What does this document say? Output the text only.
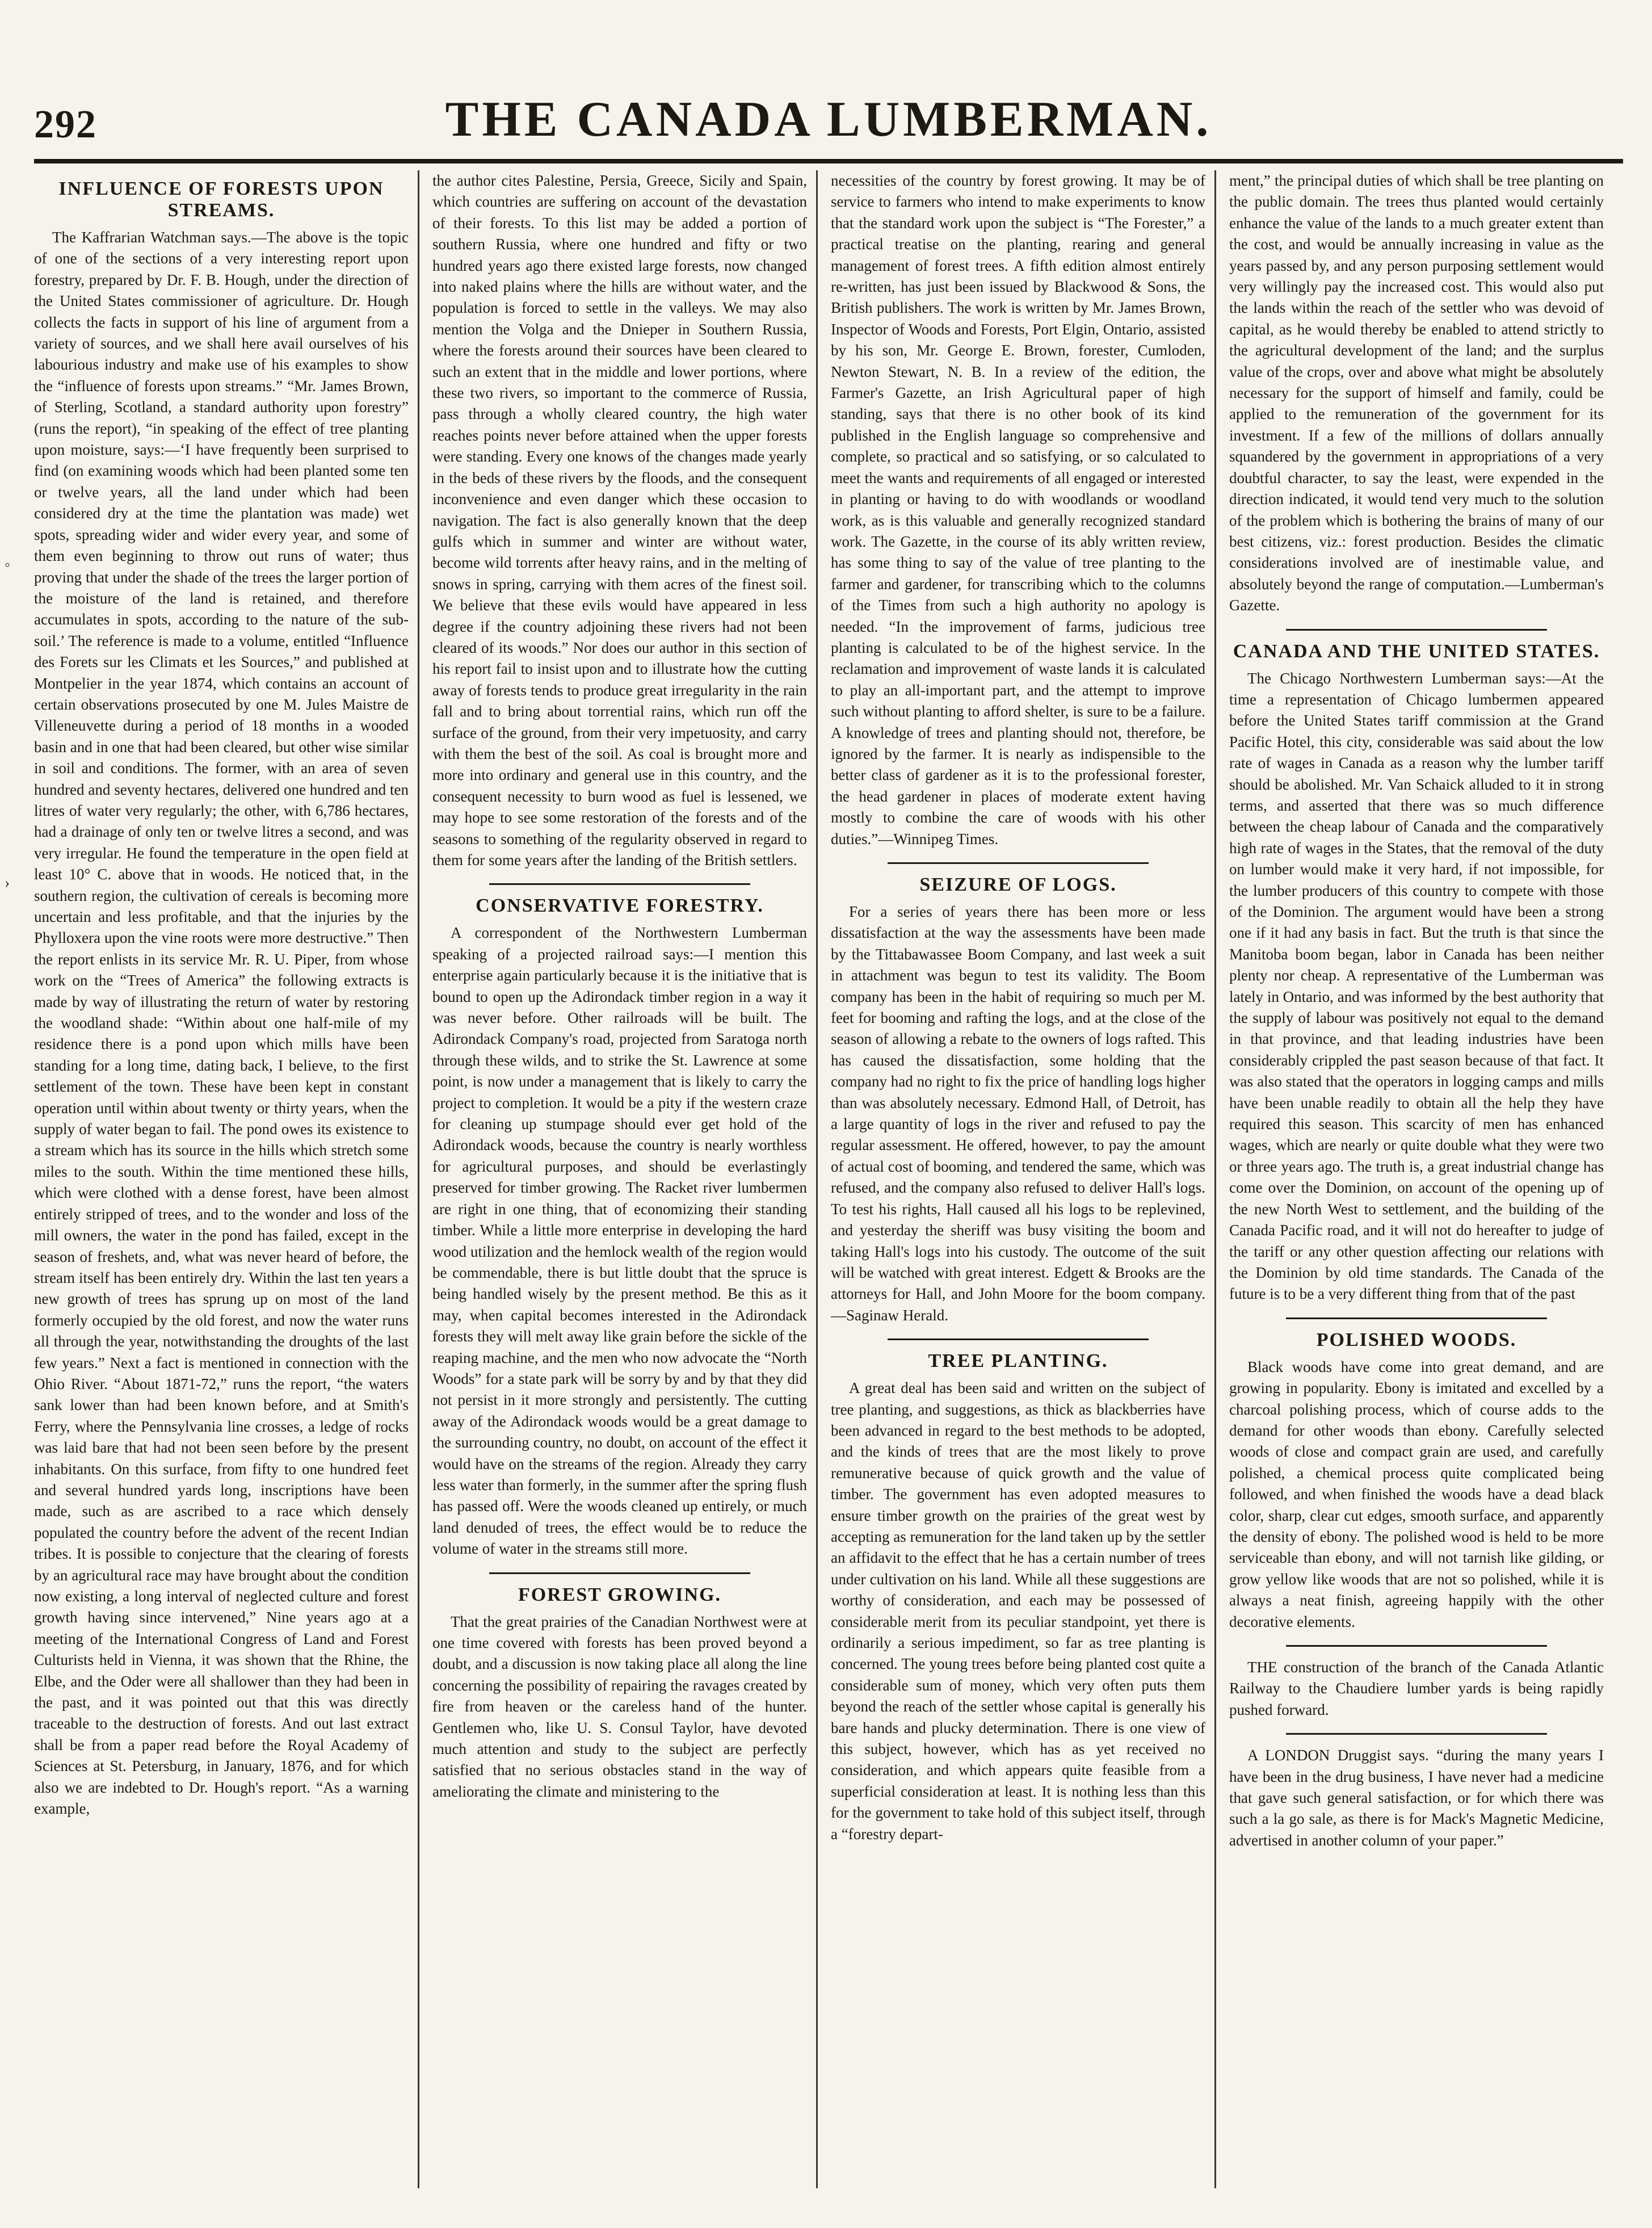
292	THE CANADA LUMBERMAN.
INFLUENCE OF FORESTS UPON STREAMS.

The Kaffrarian Watchman says.—The above is the topic of one of the sections of a very interesting report upon forestry, prepared by Dr. F. B. Hough, under the direction of the United States commissioner of agriculture. Dr. Hough collects the facts in support of his line of argument from a variety of sources, and we shall here avail ourselves of his labourious industry and make use of his examples to show the “influence of forests upon streams.” “Mr. James Brown, of Sterling, Scotland, a standard authority upon forestry” (runs the report), “in speaking of the effect of tree planting upon moisture, says:—‘I have frequently been surprised to find (on examining woods which had been planted some ten or twelve years, all the land under which had been considered dry at the time the plantation was made) wet spots, spreading wider and wider every year, and some of them even beginning to throw out runs of water; thus proving that under the shade of the trees the larger portion of the moisture of the land is retained, and therefore accumulates in spots, according to the nature of the sub-soil.’ The reference is made to a volume, entitled “Influence des Forets sur les Climats et les Sources,” and published at Montpelier in the year 1874, which contains an account of certain observations prosecuted by one M. Jules Maistre de Villeneuvette during a period of 18 months in a wooded basin and in one that had been cleared, but other wise similar in soil and conditions. The former, with an area of seven hundred and seventy hectares, delivered one hundred and ten litres of water very regularly; the other, with 6,786 hectares, had a drainage of only ten or twelve litres a second, and was very irregular. He found the temperature in the open field at least 10° C. above that in woods. He noticed that, in the southern region, the cultivation of cereals is becoming more uncertain and less profitable, and that the injuries by the Phylloxera upon the vine roots were more destructive.” Then the report enlists in its service Mr. R. U. Piper, from whose work on the “Trees of America” the following extracts is made by way of illustrating the return of water by restoring the woodland shade: “Within about one half-mile of my residence there is a pond upon which mills have been standing for a long time, dating back, I believe, to the first settlement of the town. These have been kept in constant operation until within about twenty or thirty years, when the supply of water began to fail. The pond owes its existence to a stream which has its source in the hills which stretch some miles to the south. Within the time mentioned these hills, which were clothed with a dense forest, have been almost entirely stripped of trees, and to the wonder and loss of the mill owners, the water in the pond has failed, except in the season of freshets, and, what was never heard of before, the stream itself has been entirely dry. Within the last ten years a new growth of trees has sprung up on most of the land formerly occupied by the old forest, and now the water runs all through the year, notwithstanding the droughts of the last few years.” Next a fact is mentioned in connection with the Ohio River. “About 1871-72,” runs the report, “the waters sank lower than had been known before, and at Smith's Ferry, where the Pennsylvania line crosses, a ledge of rocks was laid bare that had not been seen before by the present inhabitants. On this surface, from fifty to one hundred feet and several hundred yards long, inscriptions have been made, such as are ascribed to a race which densely populated the country before the advent of the recent Indian tribes. It is possible to conjecture that the clearing of forests by an agricultural race may have brought about the condition now existing, a long interval of neglected culture and forest growth having since intervened,” Nine years ago at a meeting of the International Congress of Land and Forest Culturists held in Vienna, it was shown that the Rhine, the Elbe, and the Oder were all shallower than they had been in the past, and it was pointed out that this was directly traceable to the destruction of forests. And out last extract shall be from a paper read before the Royal Academy of Sciences at St. Petersburg, in January, 1876, and for which also we are indebted to Dr. Hough's report. “As a warning example,

the author cites Palestine, Persia, Greece, Sicily and Spain, which countries are suffering on account of the devastation of their forests. To this list may be added a portion of southern Russia, where one hundred and fifty or two hundred years ago there existed large forests, now changed into naked plains where the hills are without water, and the population is forced to settle in the valleys. We may also mention the Volga and the Dnieper in Southern Russia, where the forests around their sources have been cleared to such an extent that in the middle and lower portions, where these two rivers, so important to the commerce of Russia, pass through a wholly cleared country, the high water reaches points never before attained when the upper forests were standing. Every one knows of the changes made yearly in the beds of these rivers by the floods, and the consequent inconvenience and even danger which these occasion to navigation. The fact is also generally known that the deep gulfs which in summer and winter are without water, become wild torrents after heavy rains, and in the melting of snows in spring, carrying with them acres of the finest soil. We believe that these evils would have appeared in less degree if the country adjoining these rivers had not been cleared of its woods.” Nor does our author in this section of his report fail to insist upon and to illustrate how the cutting away of forests tends to produce great irregularity in the rain fall and to bring about torrential rains, which run off the surface of the ground, from their very impetuosity, and carry with them the best of the soil. As coal is brought more and more into ordinary and general use in this country, and the consequent necessity to burn wood as fuel is lessened, we may hope to see some restoration of the forests and of the seasons to something of the regularity observed in regard to them for some years after the landing of the British settlers.

CONSERVATIVE FORESTRY.

A correspondent of the Northwestern Lumberman speaking of a projected railroad says:—I mention this enterprise again particularly because it is the initiative that is bound to open up the Adirondack timber region in a way it was never before. Other railroads will be built. The Adirondack Company's road, projected from Saratoga north through these wilds, and to strike the St. Lawrence at some point, is now under a management that is likely to carry the project to completion. It would be a pity if the western craze for cleaning up stumpage should ever get hold of the Adirondack woods, because the country is nearly worthless for agricultural purposes, and should be everlastingly preserved for timber growing. The Racket river lumbermen are right in one thing, that of economizing their standing timber. While a little more enterprise in developing the hard wood utilization and the hemlock wealth of the region would be commendable, there is but little doubt that the spruce is being handled wisely by the present method. Be this as it may, when capital becomes interested in the Adirondack forests they will melt away like grain before the sickle of the reaping machine, and the men who now advocate the “North Woods” for a state park will be sorry by and by that they did not persist in it more strongly and persistently. The cutting away of the Adirondack woods would be a great damage to the surrounding country, no doubt, on account of the effect it would have on the streams of the region. Already they carry less water than formerly, in the summer after the spring flush has passed off. Were the woods cleaned up entirely, or much land denuded of trees, the effect would be to reduce the volume of water in the streams still more.

FOREST GROWING.

That the great prairies of the Canadian Northwest were at one time covered with forests has been proved beyond a doubt, and a discussion is now taking place all along the line concerning the possibility of repairing the ravages created by fire from heaven or the careless hand of the hunter. Gentlemen who, like U. S. Consul Taylor, have devoted much attention and study to the subject are perfectly satisfied that no serious obstacles stand in the way of ameliorating the climate and ministering to the

necessities of the country by forest growing. It may be of service to farmers who intend to make experiments to know that the standard work upon the subject is “The Forester,” a practical treatise on the planting, rearing and general management of forest trees. A fifth edition almost entirely re-written, has just been issued by Blackwood & Sons, the British publishers. The work is written by Mr. James Brown, Inspector of Woods and Forests, Port Elgin, Ontario, assisted by his son, Mr. George E. Brown, forester, Cumloden, Newton Stewart, N. B. In a review of the edition, the Farmer's Gazette, an Irish Agricultural paper of high standing, says that there is no other book of its kind published in the English language so comprehensive and complete, so practical and so satisfying, or so calculated to meet the wants and requirements of all engaged or interested in planting or having to do with woodlands or woodland work, as is this valuable and generally recognized standard work. The Gazette, in the course of its ably written review, has some thing to say of the value of tree planting to the farmer and gardener, for transcribing which to the columns of the Times from such a high authority no apology is needed. “In the improvement of farms, judicious tree planting is calculated to be of the highest service. In the reclamation and improvement of waste lands it is calculated to play an all-important part, and the attempt to improve such without planting to afford shelter, is sure to be a failure. A knowledge of trees and planting should not, therefore, be ignored by the farmer. It is nearly as indispensible to the better class of gardener as it is to the professional forester, the head gardener in places of moderate extent having mostly to combine the care of woods with his other duties.”—Winnipeg Times.

SEIZURE OF LOGS.

For a series of years there has been more or less dissatisfaction at the way the assessments have been made by the Tittabawassee Boom Company, and last week a suit in attachment was begun to test its validity. The Boom company has been in the habit of requiring so much per M. feet for booming and rafting the logs, and at the close of the season of allowing a rebate to the owners of logs rafted. This has caused the dissatisfaction, some holding that the company had no right to fix the price of handling logs higher than was absolutely necessary. Edmond Hall, of Detroit, has a large quantity of logs in the river and refused to pay the regular assessment. He offered, however, to pay the amount of actual cost of booming, and tendered the same, which was refused, and the company also refused to deliver Hall's logs. To test his rights, Hall caused all his logs to be replevined, and yesterday the sheriff was busy visiting the boom and taking Hall's logs into his custody. The outcome of the suit will be watched with great interest. Edgett & Brooks are the attorneys for Hall, and John Moore for the boom company.—Saginaw Herald.

TREE PLANTING.

A great deal has been said and written on the subject of tree planting, and suggestions, as thick as blackberries have been advanced in regard to the best methods to be adopted, and the kinds of trees that are the most likely to prove remunerative because of quick growth and the value of timber. The government has even adopted measures to ensure timber growth on the prairies of the great west by accepting as remuneration for the land taken up by the settler an affidavit to the effect that he has a certain number of trees under cultivation on his land. While all these suggestions are worthy of consideration, and each may be possessed of considerable merit from its peculiar standpoint, yet there is ordinarily a serious impediment, so far as tree planting is concerned. The young trees before being planted cost quite a considerable sum of money, which very often puts them beyond the reach of the settler whose capital is generally his bare hands and plucky determination. There is one view of this subject, however, which has as yet received no consideration, and which appears quite feasible from a superficial consideration at least. It is nothing less than this for the government to take hold of this subject itself, through a “forestry depart-

ment,” the principal duties of which shall be tree planting on the public domain. The trees thus planted would certainly enhance the value of the lands to a much greater extent than the cost, and would be annually increasing in value as the years passed by, and any person purposing settlement would very willingly pay the increased cost. This would also put the lands within the reach of the settler who was devoid of capital, as he would thereby be enabled to attend strictly to the agricultural development of the land; and the surplus value of the crops, over and above what might be absolutely necessary for the support of himself and family, could be applied to the remuneration of the government for its investment. If a few of the millions of dollars annually squandered by the government in appropriations of a very doubtful character, to say the least, were expended in the direction indicated, it would tend very much to the solution of the problem which is bothering the brains of many of our best citizens, viz.: forest production. Besides the climatic considerations involved are of inestimable value, and absolutely beyond the range of computation.—Lumberman's Gazette.

CANADA AND THE UNITED STATES.

The Chicago Northwestern Lumberman says:—At the time a representation of Chicago lumbermen appeared before the United States tariff commission at the Grand Pacific Hotel, this city, considerable was said about the low rate of wages in Canada as a reason why the lumber tariff should be abolished. Mr. Van Schaick alluded to it in strong terms, and asserted that there was so much difference between the cheap labour of Canada and the comparatively high rate of wages in the States, that the removal of the duty on lumber would make it very hard, if not impossible, for the lumber producers of this country to compete with those of the Dominion. The argument would have been a strong one if it had any basis in fact. But the truth is that since the Manitoba boom began, labor in Canada has been neither plenty nor cheap. A representative of the Lumberman was lately in Ontario, and was informed by the best authority that the supply of labour was positively not equal to the demand in that province, and that leading industries have been considerably crippled the past season because of that fact. It was also stated that the operators in logging camps and mills have been unable readily to obtain all the help they have required this season. This scarcity of men has enhanced wages, which are nearly or quite double what they were two or three years ago. The truth is, a great industrial change has come over the Dominion, on account of the opening up of the new North West to settlement, and the building of the Canada Pacific road, and it will not do hereafter to judge of the tariff or any other question affecting our relations with the Dominion by old time standards. The Canada of the future is to be a very different thing from that of the past

POLISHED WOODS.

Black woods have come into great demand, and are growing in popularity. Ebony is imitated and excelled by a charcoal polishing process, which of course adds to the demand for other woods than ebony. Carefully selected woods of close and compact grain are used, and carefully polished, a chemical process quite complicated being followed, and when finished the woods have a dead black color, sharp, clear cut edges, smooth surface, and apparently the density of ebony. The polished wood is held to be more serviceable than ebony, and will not tarnish like gilding, or grow yellow like woods that are not so polished, while it is always a neat finish, agreeing happily with the other decorative elements.

THE construction of the branch of the Canada Atlantic Railway to the Chaudiere lumber yards is being rapidly pushed forward.

A LONDON Druggist says. “during the many years I have been in the drug business, I have never had a medicine that gave such general satisfaction, or for which there was such a la go sale, as there is for Mack's Magnetic Medicine, advertised in another column of your paper.”

◦
›
